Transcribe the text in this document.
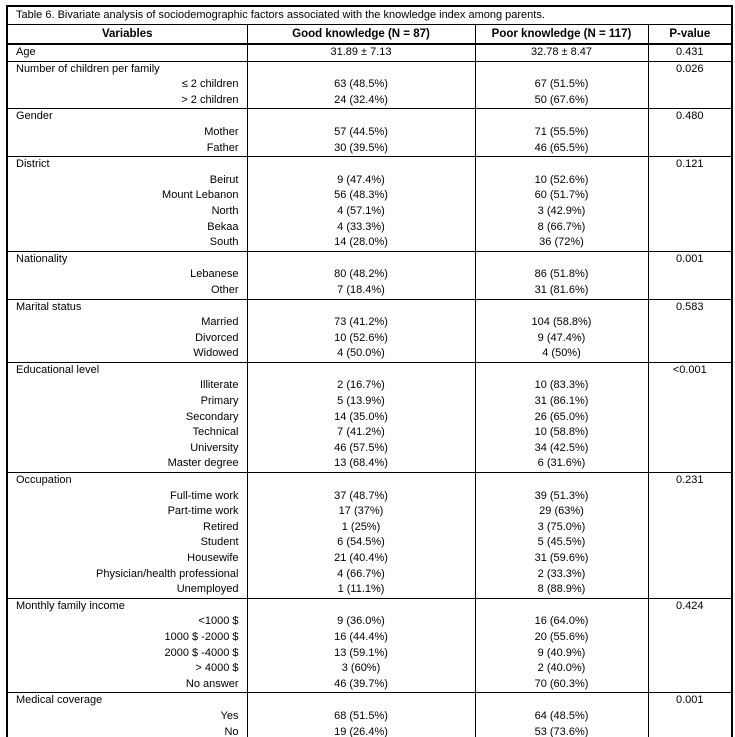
Table 6. Bivariate analysis of sociodemographic factors associated with the knowledge index among parents.			
Variables	Good knowledge (N = 87)	Poor knowledge (N = 117)	P-value
Age	31.89 ± 7.13	32.78 ± 8.47	0.431
Number of children per family			0.026
≤ 2 children	63 (48.5%)	67 (51.5%)	
> 2 children	24 (32.4%)	50 (67.6%)	
Gender			0.480
Mother	57 (44.5%)	71 (55.5%)	
Father	30 (39.5%)	46 (65.5%)	
District			0.121
Beirut	9 (47.4%)	10 (52.6%)	
Mount Lebanon	56 (48.3%)	60 (51.7%)	
North	4 (57.1%)	3 (42.9%)	
Bekaa	4 (33.3%)	8 (66.7%)	
South	14 (28.0%)	36 (72%)	
Nationality			0.001
Lebanese	80 (48.2%)	86 (51.8%)	
Other	7 (18.4%)	31 (81.6%)	
Marital status			0.583
Married	73 (41.2%)	104 (58.8%)	
Divorced	10 (52.6%)	9 (47.4%)	
Widowed	4 (50.0%)	4 (50%)	
Educational level			<0.001
Illiterate	2 (16.7%)	10 (83.3%)	
Primary	5 (13.9%)	31 (86.1%)	
Secondary	14 (35.0%)	26 (65.0%)	
Technical	7 (41.2%)	10 (58.8%)	
University	46 (57.5%)	34 (42.5%)	
Master degree	13 (68.4%)	6 (31.6%)	
Occupation			0.231
Full-time work	37 (48.7%)	39 (51.3%)	
Part-time work	17 (37%)	29 (63%)	
Retired	1 (25%)	3 (75.0%)	
Student	6 (54.5%)	5 (45.5%)	
Housewife	21 (40.4%)	31 (59.6%)	
Physician/health professional	4 (66.7%)	2 (33.3%)	
Unemployed	1 (11.1%)	8 (88.9%)	
Monthly family income			0.424
<1000 $	9 (36.0%)	16 (64.0%)	
1000 $ -2000 $	16 (44.4%)	20 (55.6%)	
2000 $ -4000 $	13 (59.1%)	9 (40.9%)	
> 4000 $	3 (60%)	2 (40.0%)	
No answer	46 (39.7%)	70 (60.3%)	
Medical coverage			0.001
Yes	68 (51.5%)	64 (48.5%)	
No	19 (26.4%)	53 (73.6%)	
